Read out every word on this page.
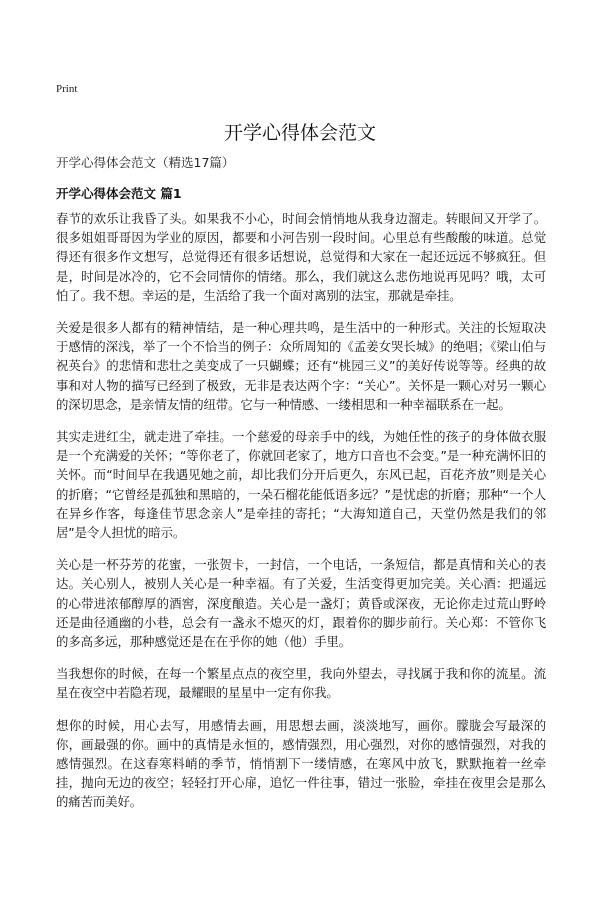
Print
开学心得体会范文
开学心得体会范文（精选17篇）
开学心得体会范文 篇1

春节的欢乐让我昏了头。如果我不小心，时间会悄悄地从我身边溜走。转眼间又开学了。很多姐姐哥哥因为学业的原因，都要和小河告别一段时间。心里总有些酸酸的味道。总觉得还有很多作文想写，总觉得还有很多话想说，总觉得和大家在一起还远远不够疯狂。但是，时间是冰冷的，它不会同情你的情绪。那么，我们就这么悲伤地说再见吗？哦，太可怕了。我不想。幸运的是，生活给了我一个面对离别的法宝，那就是牵挂。

关爱是很多人都有的精神情结，是一种心理共鸣，是生活中的一种形式。关注的长短取决于感情的深浅，举了一个不恰当的例子：众所周知的《孟姜女哭长城》的绝唱；《梁山伯与祝英台》的悲情和悲壮之美变成了一只蝴蝶；还有“桃园三义”的美好传说等等。经典的故事和对人物的描写已经到了极致，无非是表达两个字：“关心”。关怀是一颗心对另一颗心的深切思念，是亲情友情的纽带。它与一种情感、一缕相思和一种幸福联系在一起。

其实走进红尘，就走进了牵挂。一个慈爱的母亲手中的线，为她任性的孩子的身体做衣服是一个充满爱的关怀；“等你老了，你就回老家了，地方口音也不会变。”是一种充满怀旧的关怀。而“时间早在我遇见她之前，却比我们分开后更久，东风已起，百花齐放”则是关心的折磨；“它曾经是孤独和黑暗的，一朵石榴花能低语多远？”是忧虑的折磨；那种“一个人在异乡作客，每逢佳节思念亲人”是牵挂的寄托；“大海知道自己，天堂仍然是我们的邻居”是令人担忧的暗示。

关心是一杯芬芳的花蜜，一张贺卡，一封信，一个电话，一条短信，都是真情和关心的表达。关心别人，被别人关心是一种幸福。有了关爱，生活变得更加完美。关心酒：把遥远的心带进浓郁醇厚的酒窖，深度酿造。关心是一盏灯；黄昏或深夜，无论你走过荒山野岭还是曲径通幽的小巷，总会有一盏永不熄灭的灯，跟着你的脚步前行。关心郑：不管你飞的多高多远，那种感觉还是在在乎你的她（他）手里。

当我想你的时候，在每一个繁星点点的夜空里，我向外望去，寻找属于我和你的流星。流星在夜空中若隐若现，最耀眼的星星中一定有你我。

想你的时候，用心去写，用感情去画，用思想去画，淡淡地写，画你。朦胧会写最深的你，画最强的你。画中的真情是永恒的，感情强烈，用心强烈，对你的感情强烈，对我的感情强烈。在这春寒料峭的季节，悄悄割下一缕情感，在寒风中放飞，默默拖着一丝牵挂，抛向无边的夜空；轻轻打开心扉，追忆一件往事，错过一张脸，牵挂在夜里会是那么的痛苦而美好。
